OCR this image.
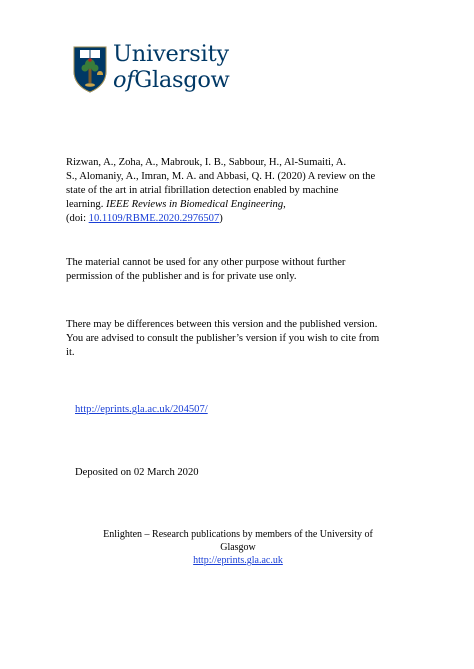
University
ofGlasgow
Rizwan, A., Zoha, A., Mabrouk, I. B., Sabbour, H., Al-Sumaiti, A.
S., Alomaniy, A., Imran, M. A. and Abbasi, Q. H. (2020) A review on the
state of the art in atrial fibrillation detection enabled by machine
learning. IEEE Reviews in Biomedical Engineering,
(doi: 10.1109/RBME.2020.2976507)
The material cannot be used for any other purpose without further
permission of the publisher and is for private use only.
There may be differences between this version and the published version.
You are advised to consult the publisher’s version if you wish to cite from
it.
http://eprints.gla.ac.uk/204507/
Deposited on 02 March 2020
Enlighten – Research publications by members of the University of
Glasgow
http://eprints.gla.ac.uk
